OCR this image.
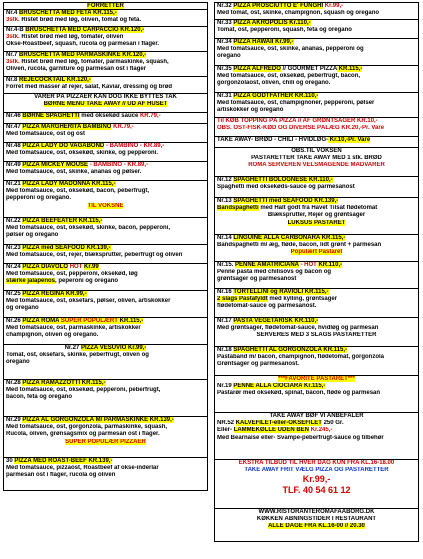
FORRETTER
Nr.4 BRUSCHETTA MED FETA KR.115,-
3stk. Ristet brød med løg, oliven, tomat og feta.
Nr.4-B BRUSCHETTA MED CARPACCIO KR.120,-
3stk. Ristet brød med løg, tomater, oliven
Okse-Roastbeef, squash, rucola og parmesan i flager.
Nr.7 BRUSCHETTA MED PARMASKINKE KR.120,-
3stk. Ristet brød med løg, tomater, parmaskinke, squash,
Oliven, rucola, garniture og parmesan ost i flager
Nr.8 REJECOCKTAIL KR.120,-
Forret med masser af rejer, salat, Kaviar, dressing og brød
VARER PÅ PIZZAER KAN DOG IKKE BYTTES TAK
BØRNE MENU TAKE AWAY // UD AF HUSET
Nr.46 BØRNE SPAGHETTI med oksekød sauce KR.79,-
Nr.47 PIZZA MARGHERITA BAMBINO KR.79,-
Med tomatsauce, ost og ost
Nr.48 PIZZA LADY DO VAGABOND - BAMBINO - KR.89,-
Med tomatsauce, ost, oksekød, skinke, og pepperoni.
Nr.49 PIZZA MICKEY MOUSE - BAMBINO - KR.89,-
Med tomatsauce, ost, skinke, ananas og pølser.
Nr.21 PIZZA LADY MADONNA KR.115,-
Med tomatsauce, ost, oksekød, bacon, peberfrugt,
pepperoni og oregano.
TIL VOKSNE
Nr.22 PIZZA BEEFEATER KR.115,-
Med tomatsauce, ost, oksekød, skinke, bacon, pepperoni,
pølser og oregano
Nr.23 PIZZA med SEAFOOD KR.139,-
Med tomatsauce, ost, rejer, blæksprutter, peberfrugt og oliven
Nr.24 PIZZA DIAVOLO HOT Kr.99
Med tomatsauce, ost, pepperoni, oksekød, løg
stærke jalapenos, peperoni og oregano
Nr.25 PIZZA REGINA KR.99,-
Med tomatsauce, ost, oksefars, pølser, oliven, artiskokker
og oregano
Nr.26 PIZZA ROMA SUPER POPULÆRT KR.115,-
Med tomatsauce, ost, parmaskinke, artiskokker
champignon, oliven og oregano.
Nr.27 PIZZA VESUVIO Kr.99,-
Tomat, ost, oksefars, skinke, peberfrugt, oliven og
oregano
Nr.28 PIZZA RAMAZZOTTI KR.115,-
Med tomatsauce, ost, oksekød, pepperoni, peberfrugt,
bacon, feta og oregano
Nr.29 PIZZA AL GORGONZOLA M/ PARMASKINKE KR.139,-
Med tomatsauce, ost, gorgonzola, parmaskinke, squash,
Rucola, oliven, grønsagsmix og parmesan ost i flager.
SUPER POPULÆR PIZZAER
30 PIZZA MED ROAST-BEEF KR.139,-
Med tomatsauce, pizzaost, Roastbeef af okse-inderlår
parmesan ost i flager, rucola og oliven
Nr.32 PIZZA PROSCIUTTO E' FUNGHI Kr.99,-
Med tomat, ost, skinke, champignon, squash og oregano
Nr.33 PIZZA AKROPOLIS Kr.110,-
Tomat, ost, pepperoni, squash, feta og oregano
Nr.34 PIZZA HAWAII Kr.99,-
Med tomatsauce, ost, skinke, ananas, pepperoni og
oregano
Nr.35 PIZZA ALFREDO // GOURMET PIZZA KR.115,-
Med tomatsauce, ost, oksekød, peberfrugt, bacon,
gorgonzolaost, oliven, chili og oregano.
Nr.31 PIZZA GODTFATHER KR.110,-
Med tomatsauce, ost, champignoner, pepperoni, pølser
artiskokker og oregano
Til KØB TOPPING PÅ PIZZA // AF GRØNTSAGER KR.10,-
OBS. OST-FISK-KØD OG DIVERSE PÅLÆG KR.20,-Pr. Vare
TAKE AWAY- BRØD - CHILI - HVIDLØG- Kr.10,-Pr. Vare
OBS.TIL VOKSEN
PASTARETTER TAKE AWAY MED 1 stk. BRØD
ROMA SERVEREN VELSMAGENDE MADVARER
Nr.12 SPAGHETTI BOLOGNESE KR.110,-
Spaghetti med oksekøds-sauce og parmesanost
Nr.13 SPAGHETTI med SEAFOOD KR.139,-
Båndspaghetti med Halt godt fra Havet Tilsat flødetomat
Blæksprutter, Rejer og grøntsager
LUKSUS PASTARET
Nr.14 LINGUINE ALLA CARBONARA KR.115,-
Båndspaghetti m/ æg, fløde, bacon, lidt grønt + parmesan
Populært Pastaret
Nr.15. PENNE AMATRICIANA - HOT KR.110,-
Penne pasta med chilisovs og bacon og
grøntsager og parmesanost
Nr.16 TORTELLINI og RAVIOLI KR.115,-
2 slags Pastafyldt med kylling, grøntsager
flødetomat-sauce og parmesanost.
Nr.17 PASTA VEGETARISK KR.110,-
Med grøntsager, flødetomat-sauce, hvidløg og parmesan
SERVERES MED 3 SLAGS PASTARETTER
Nr.18 SPAGHETTI AL GORGONZOLA KR.115,-
Pastabånd m/ bacon, champignon, flødetomat, gorgonzola
Grøntsager og parmesanost.
***FAVORITE PASTARET***
Nr.19 PENNE ALLA CIOCIARA Kr.115,-
Pastarør med oksekød, spinat, bacon, fløde og parmesan
TAKE AWAY BØF VI ANBEFALER
NR.52 KALVEFILET-eller-OKSEFILET 250 Gr.
Eller- LAMMEKØLLE UDEN BEN Kr.245,-
Med Bearnaise eller- Svampe-peberfrugt-sauce og tilbehør
EKSTRA TILBUD TIL HVER DAG KUN FRA KL.16-18.00
TAKE AWAY FRIT VÆLG PIZZA OG PASTARETTER
Kr.99,-
TLF. 40 54 61 12
WWW.RISTORANTEROMAFAABORG.DK
KØKKEN ÅBNINGSTIDER I RESTAURANT
ALLE DAGE FRA KL.16-00 // 20.30
